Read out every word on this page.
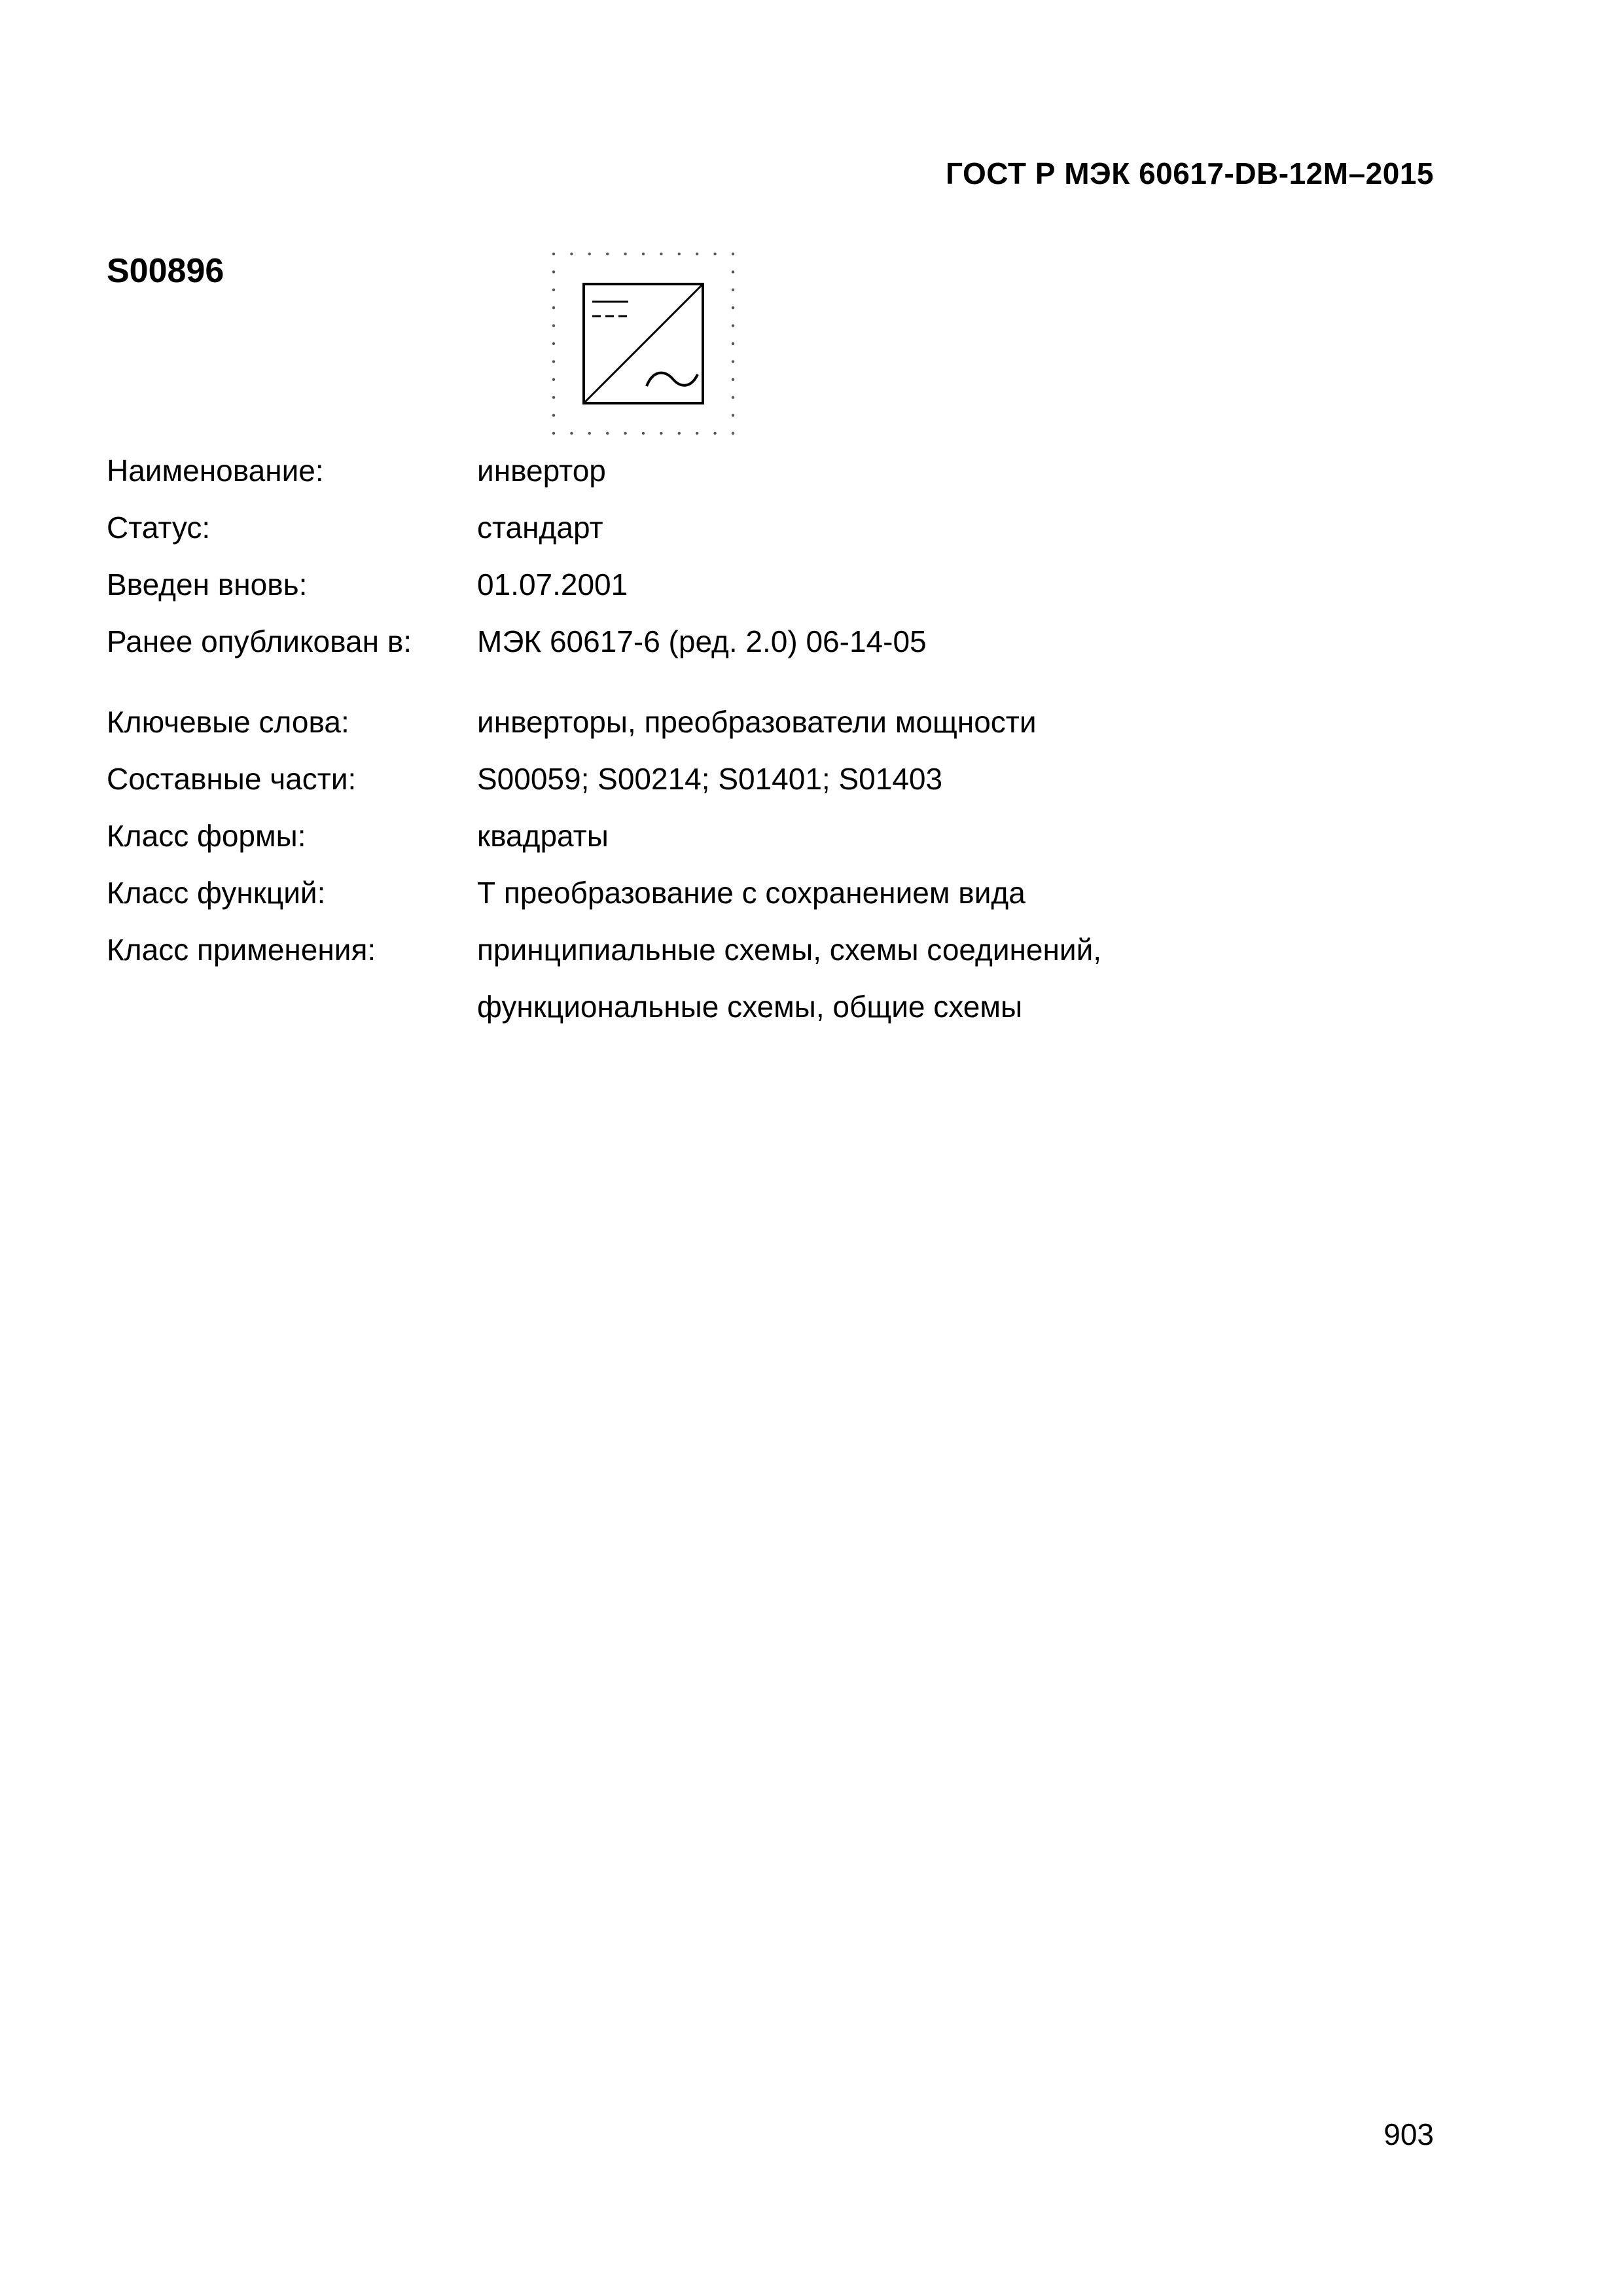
ГОСТ Р МЭК 60617-DB-12M–2015
S00896
Наименование:	инвертор
Статус:	стандарт
Введен вновь:	01.07.2001
Ранее опубликован в:	МЭК 60617-6 (ред. 2.0) 06-14-05
Ключевые слова:	инверторы, преобразователи мощности
Составные части:	S00059; S00214; S01401; S01403
Класс формы:	квадраты
Класс функций:	Т преобразование с сохранением вида
Класс применения:	принципиальные схемы, схемы соединений,
функциональные схемы, общие схемы
903
